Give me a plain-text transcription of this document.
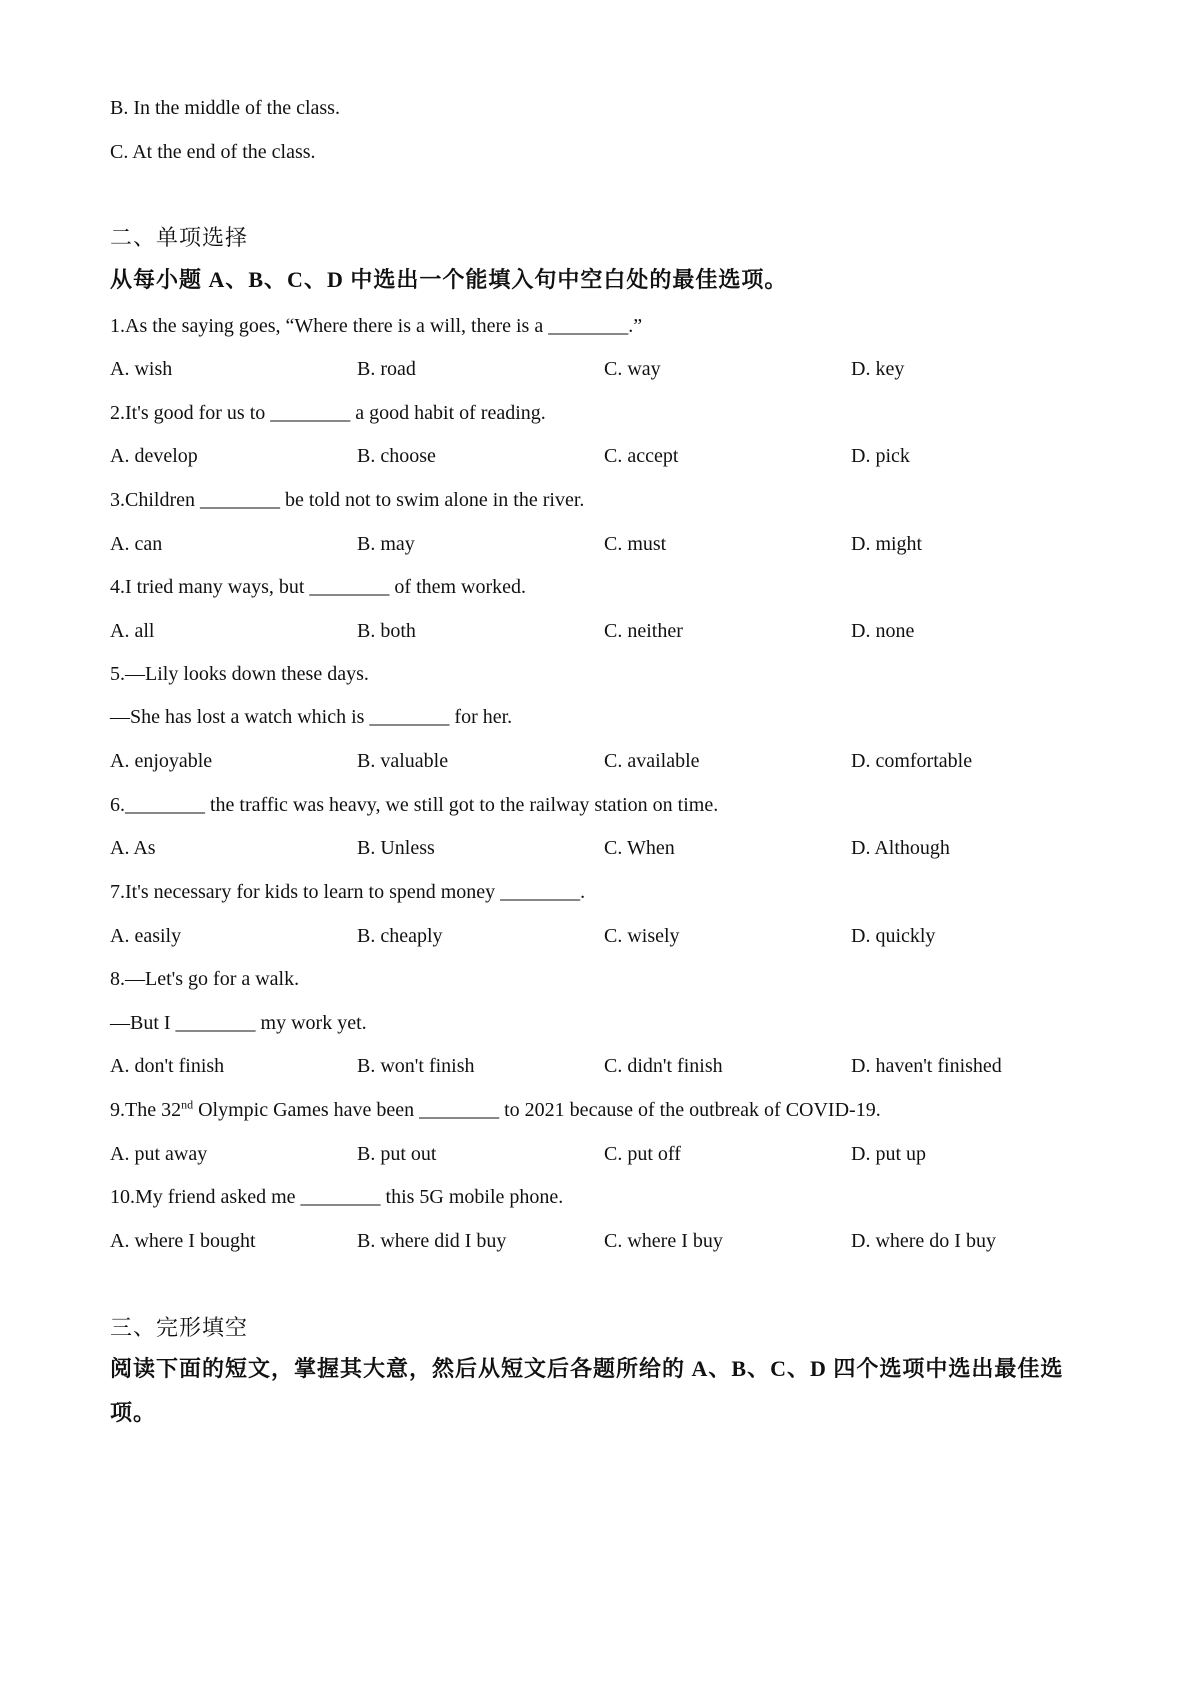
B. In the middle of the class.
C. At the end of the class.
二、单项选择
从每小题 A、B、C、D 中选出一个能填入句中空白处的最佳选项。
1.As the saying goes, “Where there is a will, there is a ________.”
A. wish	B. road	C. way	D. key
2.It's good for us to ________ a good habit of reading.
A. develop	B. choose	C. accept	D. pick
3.Children ________ be told not to swim alone in the river.
A. can	B. may	C. must	D. might
4.I tried many ways, but ________ of them worked.
A. all	B. both	C. neither	D. none
5.—Lily looks down these days.
—She has lost a watch which is ________ for her.
A. enjoyable	B. valuable	C. available	D. comfortable
6.________ the traffic was heavy, we still got to the railway station on time.
A. As	B. Unless	C. When	D. Although
7.It's necessary for kids to learn to spend money ________.
A. easily	B. cheaply	C. wisely	D. quickly
8.—Let's go for a walk.
—But I ________ my work yet.
A. don't finish	B. won't finish	C. didn't finish	D. haven't finished
9.The 32nd Olympic Games have been ________ to 2021 because of the outbreak of COVID-19.
A. put away	B. put out	C. put off	D. put up
10.My friend asked me ________ this 5G mobile phone.
A. where I bought	B. where did I buy	C. where I buy	D. where do I buy
三、完形填空
阅读下面的短文，掌握其大意，然后从短文后各题所给的 A、B、C、D 四个选项中选出最佳选项。
